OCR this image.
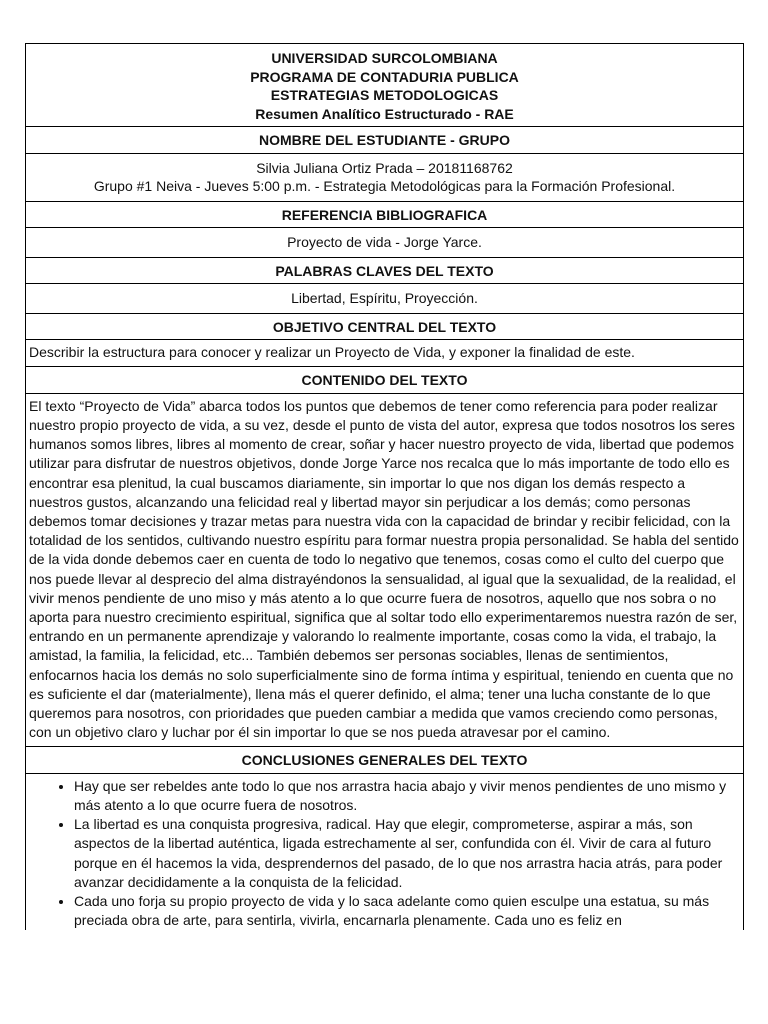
UNIVERSIDAD SURCOLOMBIANA
PROGRAMA DE CONTADURIA PUBLICA
ESTRATEGIAS METODOLOGICAS
Resumen Analítico Estructurado - RAE
NOMBRE DEL ESTUDIANTE - GRUPO
Silvia Juliana Ortiz Prada – 20181168762
Grupo #1 Neiva - Jueves 5:00 p.m. - Estrategia Metodológicas para la Formación Profesional.
REFERENCIA BIBLIOGRAFICA
Proyecto de vida - Jorge Yarce.
PALABRAS CLAVES DEL TEXTO
Libertad, Espíritu, Proyección.
OBJETIVO CENTRAL DEL TEXTO
Describir la estructura para conocer y realizar un Proyecto de Vida, y exponer la finalidad de este.
CONTENIDO DEL TEXTO
El texto “Proyecto de Vida” abarca todos los puntos que debemos de tener como referencia para poder realizar nuestro propio proyecto de vida, a su vez, desde el punto de vista del autor, expresa que todos nosotros los seres humanos somos libres, libres al momento de crear, soñar y hacer nuestro proyecto de vida, libertad que podemos utilizar para disfrutar de nuestros objetivos, donde Jorge Yarce nos recalca que lo más importante de todo ello es encontrar esa plenitud, la cual buscamos diariamente, sin importar lo que nos digan los demás respecto a nuestros gustos, alcanzando una felicidad real y libertad mayor sin perjudicar a los demás; como personas debemos tomar decisiones y trazar metas para nuestra vida con la capacidad de brindar y recibir felicidad, con la totalidad de los sentidos, cultivando nuestro espíritu para formar nuestra propia personalidad. Se habla del sentido de la vida donde debemos caer en cuenta de todo lo negativo que tenemos, cosas como el culto del cuerpo que nos puede llevar al desprecio del alma distrayéndonos la sensualidad, al igual que la sexualidad, de la realidad, el vivir menos pendiente de uno miso y más atento a lo que ocurre fuera de nosotros, aquello que nos sobra o no aporta para nuestro crecimiento espiritual, significa que al soltar todo ello experimentaremos nuestra razón de ser, entrando en un permanente aprendizaje y valorando lo realmente importante, cosas como la vida, el trabajo, la amistad, la familia, la felicidad, etc... También debemos ser personas sociables, llenas de sentimientos, enfocarnos hacia los demás no solo superficialmente sino de forma íntima y espiritual, teniendo en cuenta que no es suficiente el dar (materialmente), llena más el querer definido, el alma; tener una lucha constante de lo que queremos para nosotros, con prioridades que pueden cambiar a medida que vamos creciendo como personas, con un objetivo claro y luchar por él sin importar lo que se nos pueda atravesar por el camino.
CONCLUSIONES GENERALES DEL TEXTO
• Hay que ser rebeldes ante todo lo que nos arrastra hacia abajo y vivir menos pendientes de uno mismo y más atento a lo que ocurre fuera de nosotros.
• La libertad es una conquista progresiva, radical. Hay que elegir, comprometerse, aspirar a más, son aspectos de la libertad auténtica, ligada estrechamente al ser, confundida con él. Vivir de cara al futuro porque en él hacemos la vida, desprendernos del pasado, de lo que nos arrastra hacia atrás, para poder avanzar decididamente a la conquista de la felicidad.
• Cada uno forja su propio proyecto de vida y lo saca adelante como quien esculpe una estatua, su más preciada obra de arte, para sentirla, vivirla, encarnarla plenamente. Cada uno es feliz en
